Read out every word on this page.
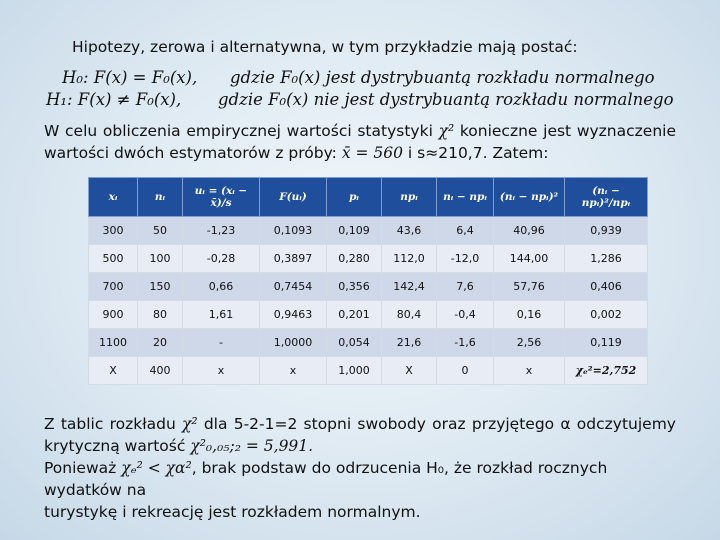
Hipotezy, zerowa i alternatywna, w tym przykładzie mają postać:
H₀: F(x) = F₀(x), gdzie F₀(x) jest dystrybuantą rozkładu normalnego
H₁: F(x) ≠ F₀(x), gdzie F₀(x) nie jest dystrybuantą rozkładu normalnego
W celu obliczenia empirycznej wartości statystyki χ² konieczne jest wyznaczenie
wartości dwóch estymatorów z próby: x̄ = 560 i s≈210,7. Zatem:
xᵢ	nᵢ	uᵢ = (xᵢ − x̄)/s	F(uᵢ)	pᵢ	npᵢ	nᵢ − npᵢ	(nᵢ − npᵢ)²	(nᵢ − npᵢ)²/npᵢ
300	50	-1,23	0,1093	0,109	43,6	6,4	40,96	0,939
500	100	-0,28	0,3897	0,280	112,0	-12,0	144,00	1,286
700	150	0,66	0,7454	0,356	142,4	7,6	57,76	0,406
900	80	1,61	0,9463	0,201	80,4	-0,4	0,16	0,002
1100	20	-	1,0000	0,054	21,6	-1,6	2,56	0,119
X	400	x	x	1,000	X	0	x	χₑ²=2,752
Z tablic rozkładu χ² dla 5-2-1=2 stopni swobody oraz przyjętego α odczytujemy
krytyczną wartość χ²₀,₀₅;₂ = 5,991.
Ponieważ χₑ² < χα², brak podstaw do odrzucenia H₀, że rozkład rocznych wydatków na
turystykę i rekreację jest rozkładem normalnym.
